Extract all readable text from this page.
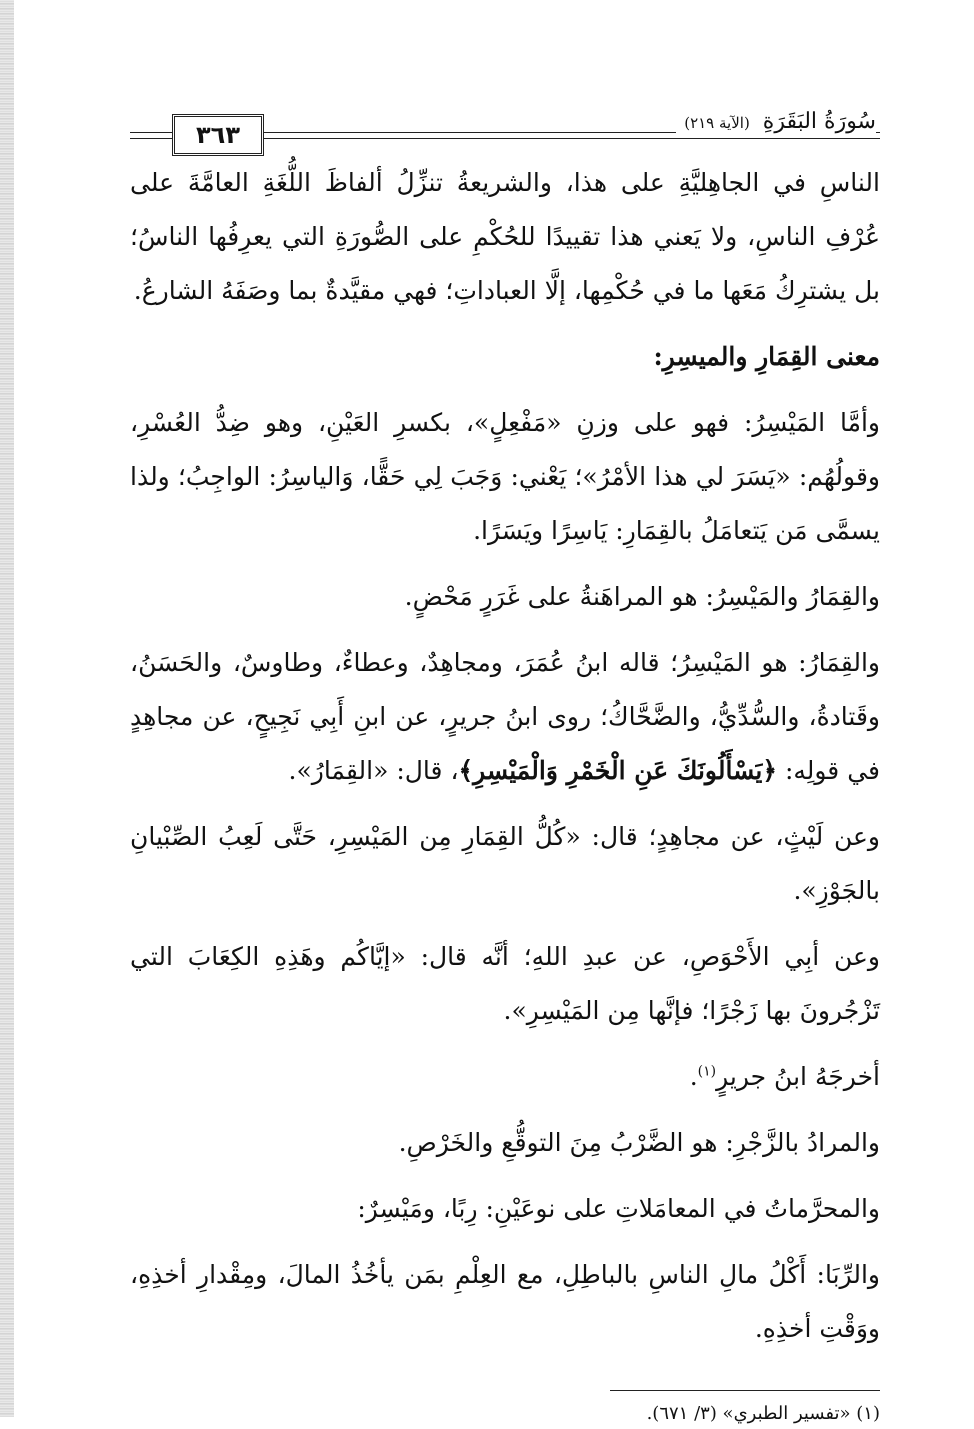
سُورَةُ البَقَرَةِ (الآية ٢١٩)
٣٦٣

الناسِ في الجاهِليَّةِ على هذا، والشريعةُ تنزِّلُ ألفاظَ اللُّغَةِ العامَّةَ على عُرْفِ الناسِ، ولا يَعني هذا تقييدًا للحُكْمِ على الصُّورَةِ التي يعرِفُها الناسُ؛ بل يشترِكُ مَعَها ما في حُكْمِها، إلَّا العباداتِ؛ فهي مقيَّدةٌ بما وصَفَهُ الشارعُ.

معنى القِمَارِ والميسِرِ:

وأمَّا المَيْسِرُ: فهو على وزنِ «مَفْعِلٍ»، بكسرِ العَيْنِ، وهو ضِدُّ العُسْرِ، وقولُهُم: «يَسَرَ لي هذا الأمْرُ»؛ يَعْني: وَجَبَ لِي حَقًّا، وَالياسِرُ: الواجِبُ؛ ولذا يسمَّى مَن يَتعامَلُ بالقِمَارِ: يَاسِرًا ويَسَرًا.

والقِمَارُ والمَيْسِرُ: هو المراهَنةُ على غَرَرٍ مَحْضٍ.

والقِمَارُ: هو المَيْسِرُ؛ قاله ابنُ عُمَرَ، ومجاهِدٌ، وعطاءٌ، وطاوسٌ، والحَسَنُ، وقَتادةُ، والسُّدِّيُّ، والضَّحَّاكُ؛ روى ابنُ جريرٍ، عن ابنِ أَبِي نَجِيحٍ، عن مجاهِدٍ في قولِه: ﴿يَسْأَلُونَكَ عَنِ الْخَمْرِ وَالْمَيْسِرِ﴾، قال: «القِمَارُ».

وعن لَيْثٍ، عن مجاهِدٍ؛ قال: «كُلُّ القِمَارِ مِن المَيْسِرِ، حَتَّى لَعِبُ الصِّبْيانِ بالجَوْزِ».

وعن أبِي الأَحْوَصِ، عن عبدِ اللهِ؛ أنَّه قال: «إيَّاكُم وهَذِهِ الكِعَابَ التي تَزْجُرونَ بها زَجْرًا؛ فإنَّها مِن المَيْسِرِ».

أخرجَهُ ابنُ جريرٍ$^{(١)}$.

والمرادُ بالزَّجْرِ: هو الضَّرْبُ مِنَ التوقُّعِ والخَرْصِ.

والمحرَّماتُ في المعامَلاتِ على نوعَيْنِ: رِبًا، ومَيْسِرٌ:

والرِّبَا: أَكْلُ مالِ الناسِ بالباطِلِ، مع العِلْمِ بمَن يأخُذُ المالَ، ومِقْدارِ أخذِهِ، ووَقْتِ أخذِهِ.

(١) «تفسير الطبري» (٣/ ٦٧١).
